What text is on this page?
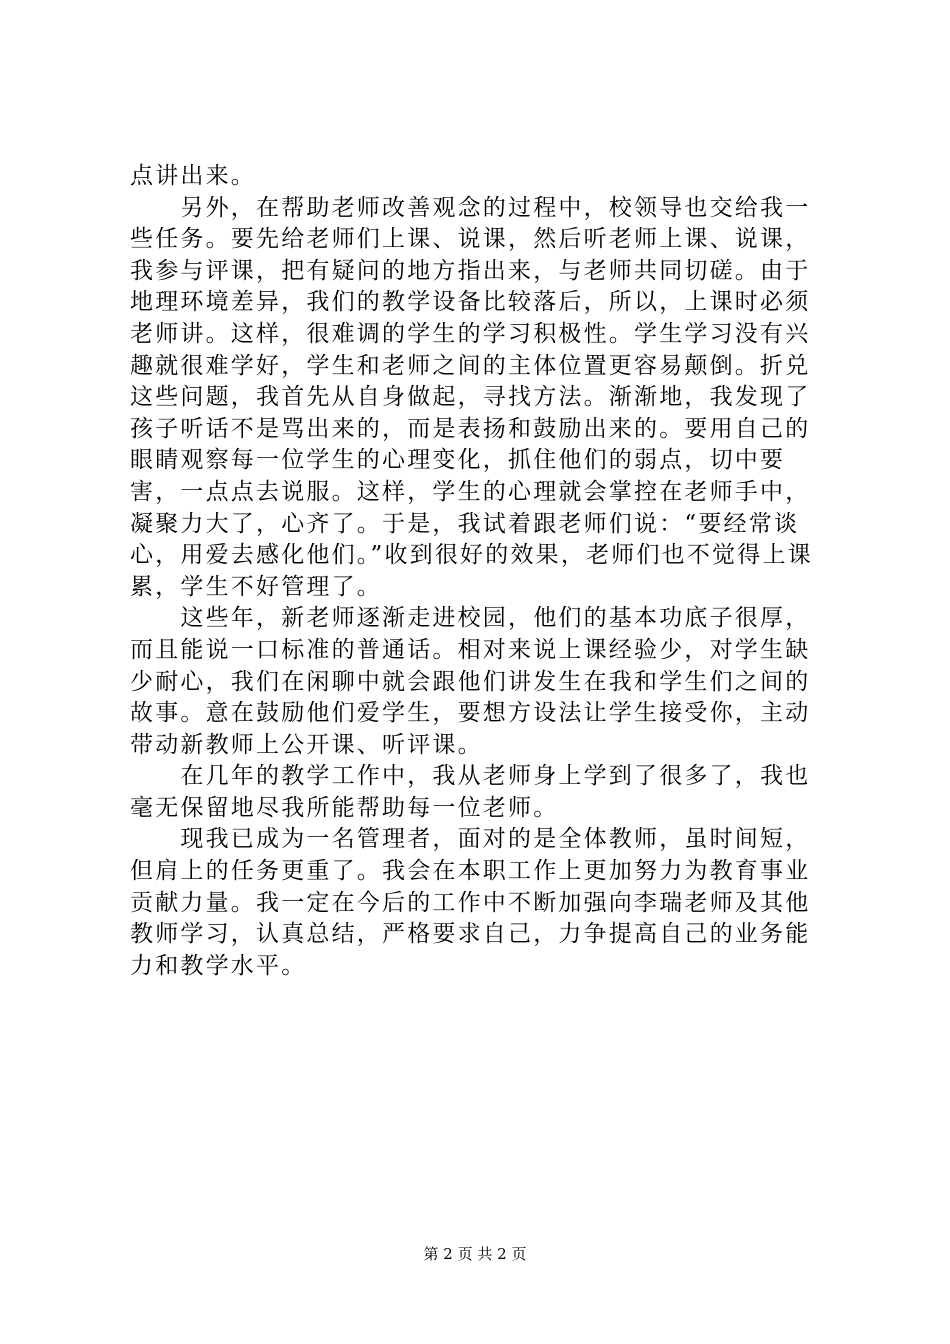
点讲出来。

　　另外，在帮助老师改善观念的过程中，校领导也交给我一些任务。要先给老师们上课、说课，然后听老师上课、说课，我参与评课，把有疑问的地方指出来，与老师共同切磋。由于地理环境差异，我们的教学设备比较落后，所以，上课时必须老师讲。这样，很难调的学生的学习积极性。学生学习没有兴趣就很难学好，学生和老师之间的主体位置更容易颠倒。折兑这些问题，我首先从自身做起，寻找方法。渐渐地，我发现了孩子听话不是骂出来的，而是表扬和鼓励出来的。要用自己的眼睛观察每一位学生的心理变化，抓住他们的弱点，切中要害，一点点去说服。这样，学生的心理就会掌控在老师手中，凝聚力大了，心齐了。于是，我试着跟老师们说：“要经常谈心，用爱去感化他们。”收到很好的效果，老师们也不觉得上课累，学生不好管理了。

　　这些年，新老师逐渐走进校园，他们的基本功底子很厚，而且能说一口标准的普通话。相对来说上课经验少，对学生缺少耐心，我们在闲聊中就会跟他们讲发生在我和学生们之间的故事。意在鼓励他们爱学生，要想方设法让学生接受你，主动带动新教师上公开课、听评课。

　　在几年的教学工作中，我从老师身上学到了很多了，我也毫无保留地尽我所能帮助每一位老师。

　　现我已成为一名管理者，面对的是全体教师，虽时间短，但肩上的任务更重了。我会在本职工作上更加努力为教育事业贡献力量。我一定在今后的工作中不断加强向李瑞老师及其他教师学习，认真总结，严格要求自己，力争提高自己的业务能力和教学水平。

第 2 页 共 2 页
